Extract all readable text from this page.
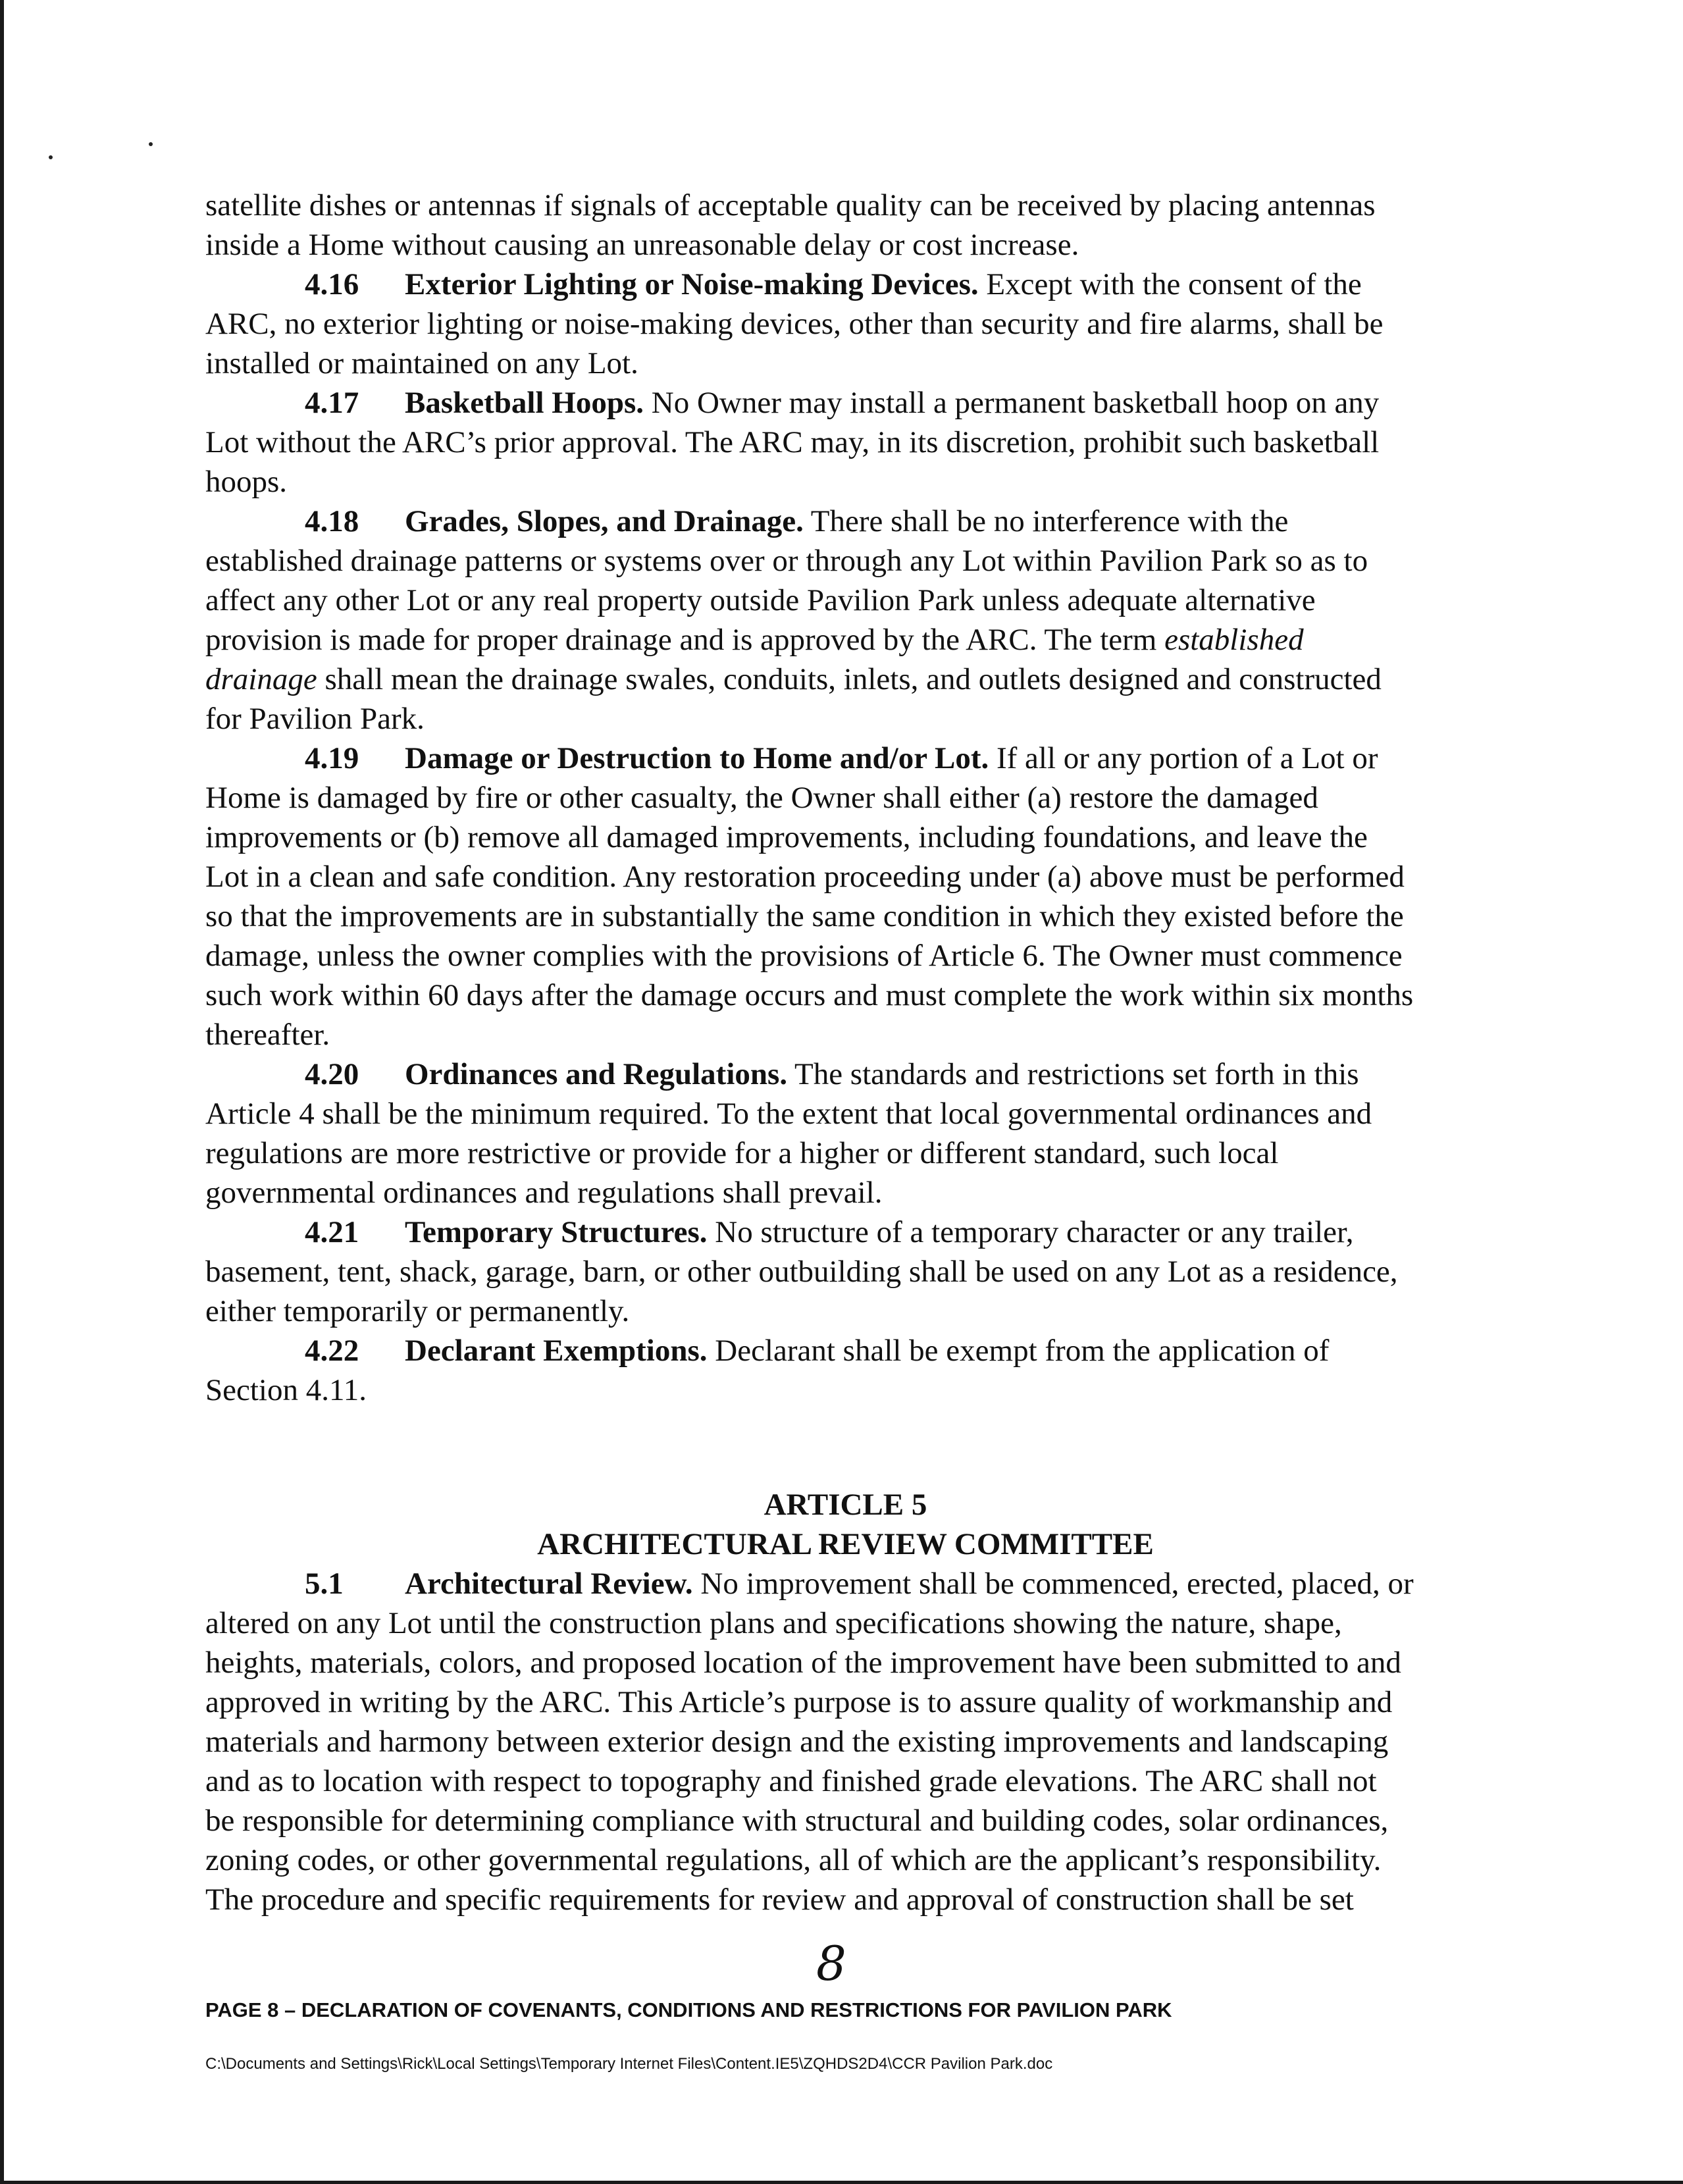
satellite dishes or antennas if signals of acceptable quality can be received by placing antennas
inside a Home without causing an unreasonable delay or cost increase.
4.16 Exterior Lighting or Noise-making Devices. Except with the consent of the
ARC, no exterior lighting or noise-making devices, other than security and fire alarms, shall be
installed or maintained on any Lot.
4.17 Basketball Hoops. No Owner may install a permanent basketball hoop on any
Lot without the ARC’s prior approval. The ARC may, in its discretion, prohibit such basketball
hoops.
4.18 Grades, Slopes, and Drainage. There shall be no interference with the
established drainage patterns or systems over or through any Lot within Pavilion Park so as to
affect any other Lot or any real property outside Pavilion Park unless adequate alternative
provision is made for proper drainage and is approved by the ARC. The term established
drainage shall mean the drainage swales, conduits, inlets, and outlets designed and constructed
for Pavilion Park.
4.19 Damage or Destruction to Home and/or Lot. If all or any portion of a Lot or
Home is damaged by fire or other casualty, the Owner shall either (a) restore the damaged
improvements or (b) remove all damaged improvements, including foundations, and leave the
Lot in a clean and safe condition. Any restoration proceeding under (a) above must be performed
so that the improvements are in substantially the same condition in which they existed before the
damage, unless the owner complies with the provisions of Article 6. The Owner must commence
such work within 60 days after the damage occurs and must complete the work within six months
thereafter.
4.20 Ordinances and Regulations. The standards and restrictions set forth in this
Article 4 shall be the minimum required. To the extent that local governmental ordinances and
regulations are more restrictive or provide for a higher or different standard, such local
governmental ordinances and regulations shall prevail.
4.21 Temporary Structures. No structure of a temporary character or any trailer,
basement, tent, shack, garage, barn, or other outbuilding shall be used on any Lot as a residence,
either temporarily or permanently.
4.22 Declarant Exemptions. Declarant shall be exempt from the application of
Section 4.11.
ARTICLE 5
ARCHITECTURAL REVIEW COMMITTEE
5.1 Architectural Review. No improvement shall be commenced, erected, placed, or
altered on any Lot until the construction plans and specifications showing the nature, shape,
heights, materials, colors, and proposed location of the improvement have been submitted to and
approved in writing by the ARC. This Article’s purpose is to assure quality of workmanship and
materials and harmony between exterior design and the existing improvements and landscaping
and as to location with respect to topography and finished grade elevations. The ARC shall not
be responsible for determining compliance with structural and building codes, solar ordinances,
zoning codes, or other governmental regulations, all of which are the applicant’s responsibility.
The procedure and specific requirements for review and approval of construction shall be set
8
PAGE 8 – DECLARATION OF COVENANTS, CONDITIONS AND RESTRICTIONS FOR PAVILION PARK
C:\Documents and Settings\Rick\Local Settings\Temporary Internet Files\Content.IE5\ZQHDS2D4\CCR Pavilion Park.doc
